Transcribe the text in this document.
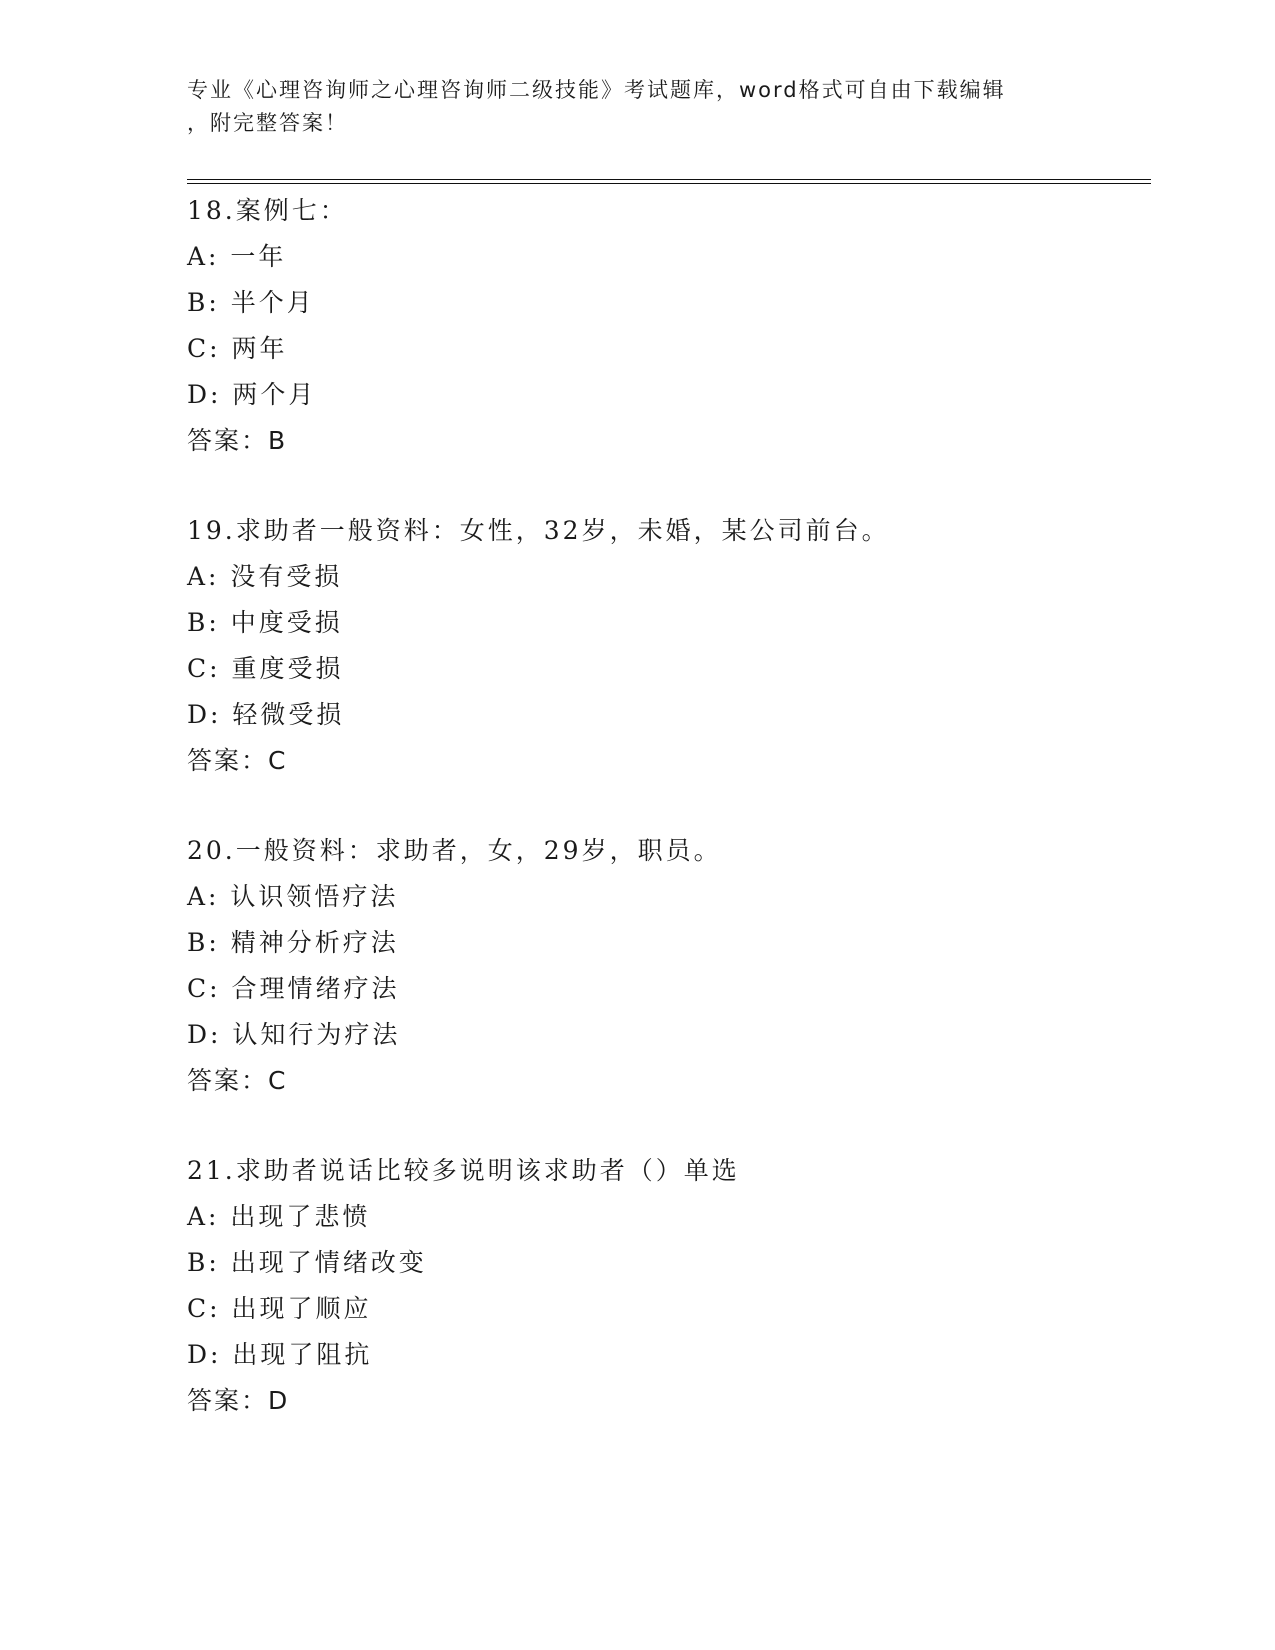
专业《心理咨询师之心理咨询师二级技能》考试题库，word格式可自由下载编辑
，附完整答案！
18.案例七：
A: 一年
B: 半个月
C: 两年
D: 两个月
答案：B
19.求助者一般资料：女性，32岁，未婚，某公司前台。
A: 没有受损
B: 中度受损
C: 重度受损
D: 轻微受损
答案：C
20.一般资料：求助者，女，29岁，职员。
A: 认识领悟疗法
B: 精神分析疗法
C: 合理情绪疗法
D: 认知行为疗法
答案：C
21.求助者说话比较多说明该求助者（）单选
A: 出现了悲愤
B: 出现了情绪改变
C: 出现了顺应
D: 出现了阻抗
答案：D
